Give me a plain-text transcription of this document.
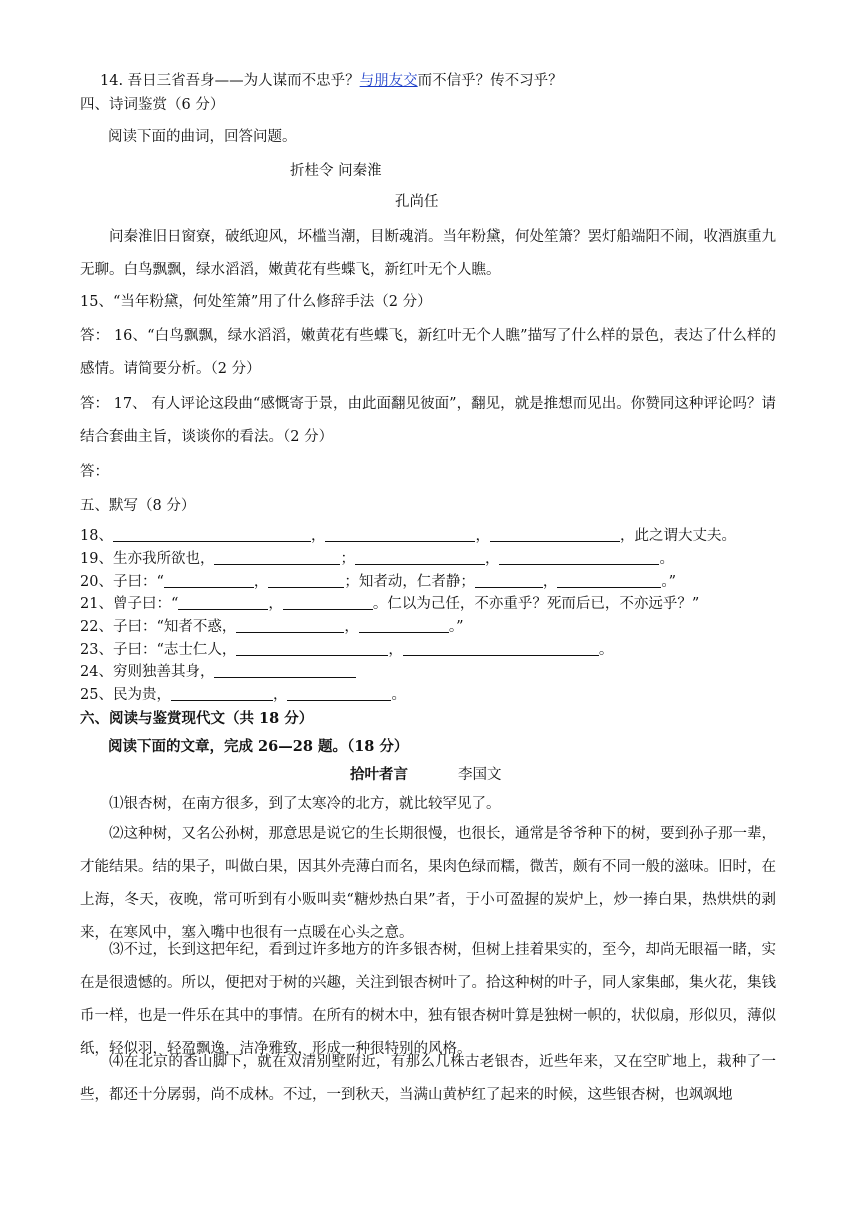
14. 吾日三省吾身——为人谋而不忠乎？与朋友交而不信乎？传不习乎？
四、诗词鉴赏（6 分）
阅读下面的曲词，回答问题。
折桂令 问秦淮
孔尚任

问秦淮旧日窗寮，破纸迎风，坏槛当潮，目断魂消。当年粉黛，何处笙箫？罢灯船端阳不闹，收酒旗重九无聊。白鸟飘飘，绿水滔滔，嫩黄花有些蝶飞，新红叶无个人瞧。

15、“当年粉黛，何处笙箫”用了什么修辞手法（2 分）

答： 16、“白鸟飘飘，绿水滔滔，嫩黄花有些蝶飞，新红叶无个人瞧”描写了什么样的景色，表达了什么样的感情。请简要分析。（2 分）

答： 17、 有人评论这段曲“感慨寄于景，由此面翻见彼面”，翻见，就是推想而见出。你赞同这种评论吗？请结合套曲主旨，谈谈你的看法。（2 分）

答：
五、默写（8 分）
18、	，	，	，此之谓大丈夫。
19、生亦我所欲也，	；	，	。
20、子曰：“	，	；知者动，仁者静；	，	。”
21、曾子曰：“	，	。仁以为己任，不亦重乎？死而后已，不亦远乎？”
22、子曰：“知者不惑，	，	。”
23、子曰：“志士仁人，	，	。
24、穷则独善其身，
25、民为贵，	，	。
六、阅读与鉴赏现代文（共 18 分）
阅读下面的文章，完成 26—28 题。（18 分）
拾叶者言	李国文

⑴银杏树，在南方很多，到了太寒冷的北方，就比较罕见了。

⑵这种树，又名公孙树，那意思是说它的生长期很慢，也很长，通常是爷爷种下的树，要到孙子那一辈，才能结果。结的果子，叫做白果，因其外壳薄白而名，果肉色绿而糯，微苦，颇有不同一般的滋味。旧时，在上海，冬天，夜晚，常可听到有小贩叫卖“糖炒热白果”者，于小可盈握的炭炉上，炒一捧白果，热烘烘的剥来，在寒风中，塞入嘴中也很有一点暖在心头之意。

⑶不过，长到这把年纪，看到过许多地方的许多银杏树，但树上挂着果实的，至今，却尚无眼福一睹，实在是很遗憾的。所以，便把对于树的兴趣，关注到银杏树叶了。拾这种树的叶子，同人家集邮，集火花，集钱币一样，也是一件乐在其中的事情。在所有的树木中，独有银杏树叶算是独树一帜的，状似扇，形似贝，薄似纸，轻似羽，轻盈飘逸，洁净雅致，形成一种很特别的风格。

⑷在北京的香山脚下，就在双清别墅附近，有那么几株古老银杏，近些年来，又在空旷地上，栽种了一些，都还十分孱弱，尚不成林。不过，一到秋天，当满山黄栌红了起来的时候，这些银杏树，也飒飒地
